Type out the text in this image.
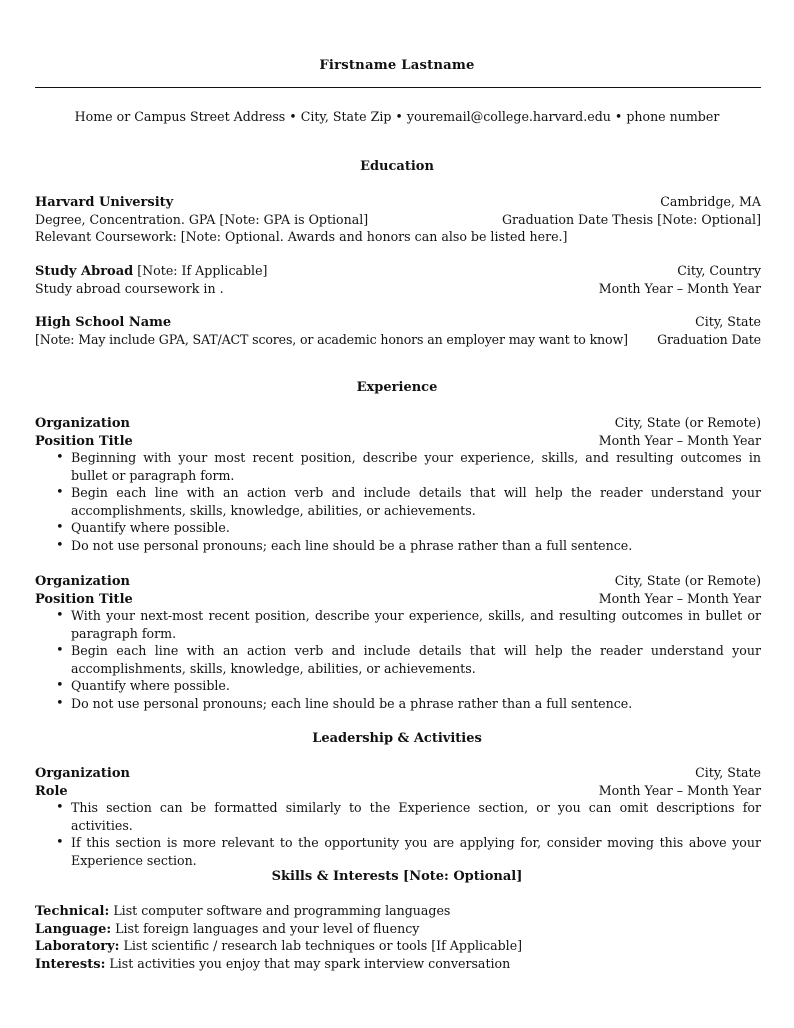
Firstname Lastname
Home or Campus Street Address • City, State Zip • youremail@college.harvard.edu • phone number
Education
Harvard University	Cambridge, MA
Degree, Concentration. GPA [Note: GPA is Optional]	Graduation Date Thesis [Note: Optional]
Relevant Coursework: [Note: Optional. Awards and honors can also be listed here.]
Study Abroad [Note: If Applicable]	City, Country
Study abroad coursework in .	Month Year – Month Year
High School Name	City, State
[Note: May include GPA, SAT/ACT scores, or academic honors an employer may want to know] Graduation Date
Experience
Organization	City, State (or Remote)
Position Title	Month Year – Month Year
• Beginning with your most recent position, describe your experience, skills, and resulting outcomes in bullet or paragraph form.
• Begin each line with an action verb and include details that will help the reader understand your accomplishments, skills, knowledge, abilities, or achievements.
• Quantify where possible.
• Do not use personal pronouns; each line should be a phrase rather than a full sentence.
Organization	City, State (or Remote)
Position Title	Month Year – Month Year
• With your next-most recent position, describe your experience, skills, and resulting outcomes in bullet or paragraph form.
• Begin each line with an action verb and include details that will help the reader understand your accomplishments, skills, knowledge, abilities, or achievements.
• Quantify where possible.
• Do not use personal pronouns; each line should be a phrase rather than a full sentence.
Leadership & Activities
Organization	City, State
Role	Month Year – Month Year
• This section can be formatted similarly to the Experience section, or you can omit descriptions for activities.
• If this section is more relevant to the opportunity you are applying for, consider moving this above your Experience section.
Skills & Interests [Note: Optional]
Technical:
List computer software and programming languages
Language:
List foreign languages and your level of fluency
Laboratory:
List scientific / research lab techniques or tools [If Applicable]
Interests:
List activities you enjoy that may spark interview conversation
